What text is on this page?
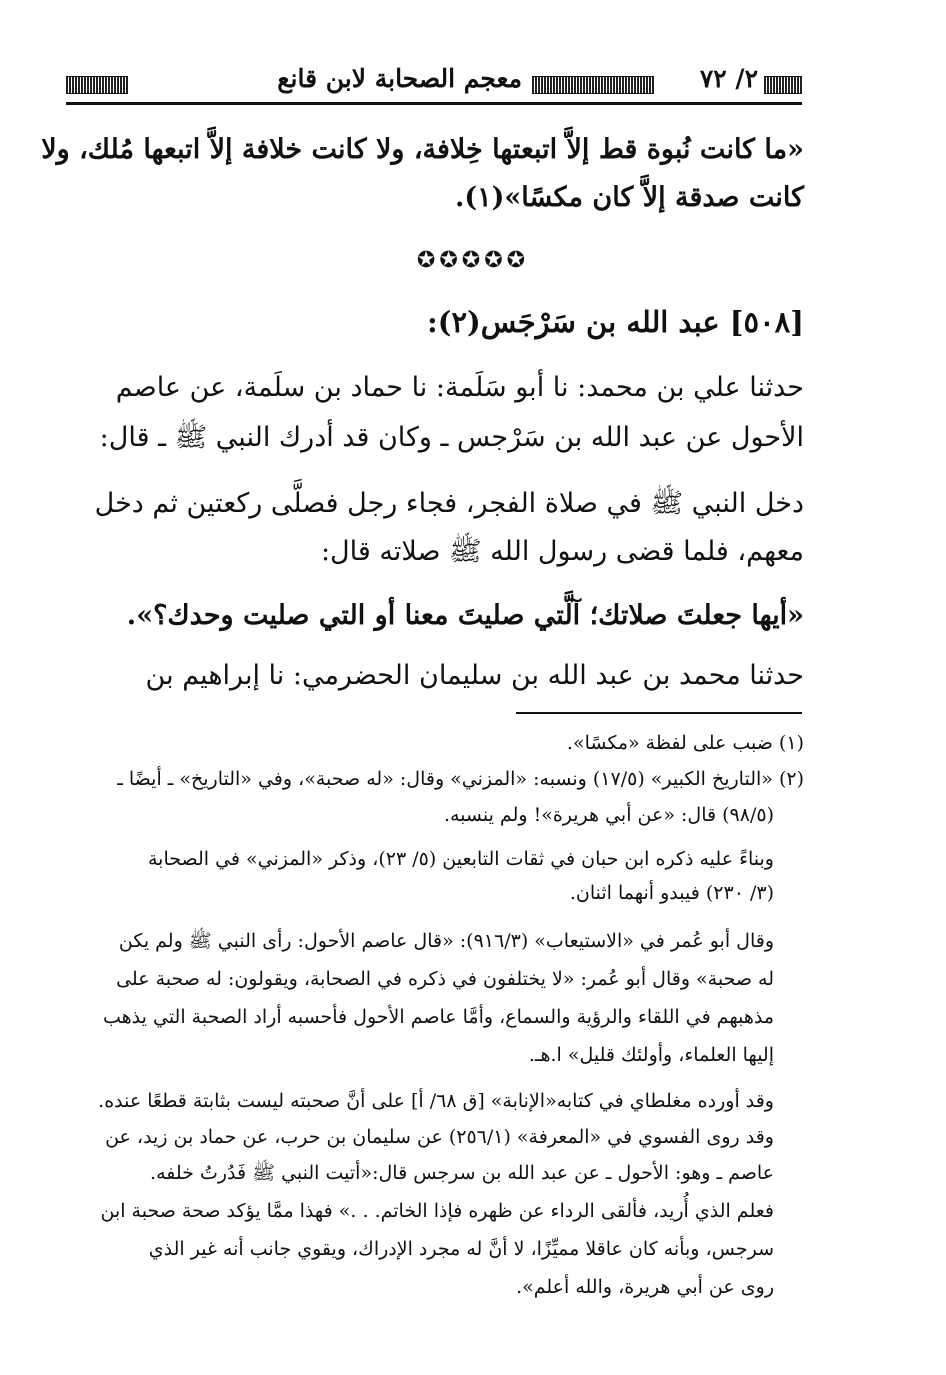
٢/ ٧٢
معجم الصحابة لابن قانع
«ما كانت نُبوة قط إلاَّ اتبعتها خِلافة، ولا كانت خلافة إلاَّ اتبعها مُلك، ولا
كانت صدقة إلاَّ كان مكسًا»(١).
✪✪✪✪✪
[٥٠٨] عبد الله بن سَرْجَس(٢):
حدثنا علي بن محمد: نا أبو سَلَمة: نا حماد بن سلَمة، عن عاصم
الأحول عن عبد الله بن سَرْجس ـ وكان قد أدرك النبي ﷺ ـ قال:
دخل النبي ﷺ في صلاة الفجر، فجاء رجل فصلَّى ركعتين ثم دخل
معهم، فلما قضى رسول الله ﷺ صلاته قال:
«أيها جعلتَ صلاتك؛ آلَّتي صليتَ معنا أو التي صليت وحدك؟».
حدثنا محمد بن عبد الله بن سليمان الحضرمي: نا إبراهيم بن
(١) ضبب على لفظة «مكسًا».
(٢) «التاريخ الكبير» (١٧/٥) ونسبه: «المزني» وقال: «له صحبة»، وفي «التاريخ» ـ أيضًا ـ
(٩٨/٥) قال: «عن أبي هريرة»! ولم ينسبه.
وبناءً عليه ذكره ابن حبان في ثقات التابعين (٥/ ٢٣)، وذكر «المزني» في الصحابة
(٣/ ٢٣٠) فيبدو أنهما اثنان.
وقال أبو عُمر في «الاستيعاب» (٩١٦/٣): «قال عاصم الأحول: رأى النبي ﷺ ولم يكن
له صحبة» وقال أبو عُمر: «لا يختلفون في ذكره في الصحابة، ويقولون: له صحبة على
مذهبهم في اللقاء والرؤية والسماع، وأمَّا عاصم الأحول فأحسبه أراد الصحبة التي يذهب
إليها العلماء، وأولئك قليل» ا.هـ.
وقد أورده مغلطاي في كتابه«الإنابة» [ق ٦٨/ أ] على أنَّ صحبته ليست بثابتة قطعًا عنده.
وقد روى الفسوي في «المعرفة» (٢٥٦/١) عن سليمان بن حرب، عن حماد بن زيد، عن
عاصم ـ وهو: الأحول ـ عن عبد الله بن سرجس قال:«أتيت النبي ﷺ فَدُرتُ خلفه.
فعلم الذي أُريد، فألقى الرداء عن ظهره فإذا الخاتم. . .» فهذا ممَّا يؤكد صحة صحبة ابن
سرجس، وبأنه كان عاقلا مميِّزًا، لا أنَّ له مجرد الإدراك، ويقوي جانب أنه غير الذي
روى عن أبي هريرة، والله أعلم».
